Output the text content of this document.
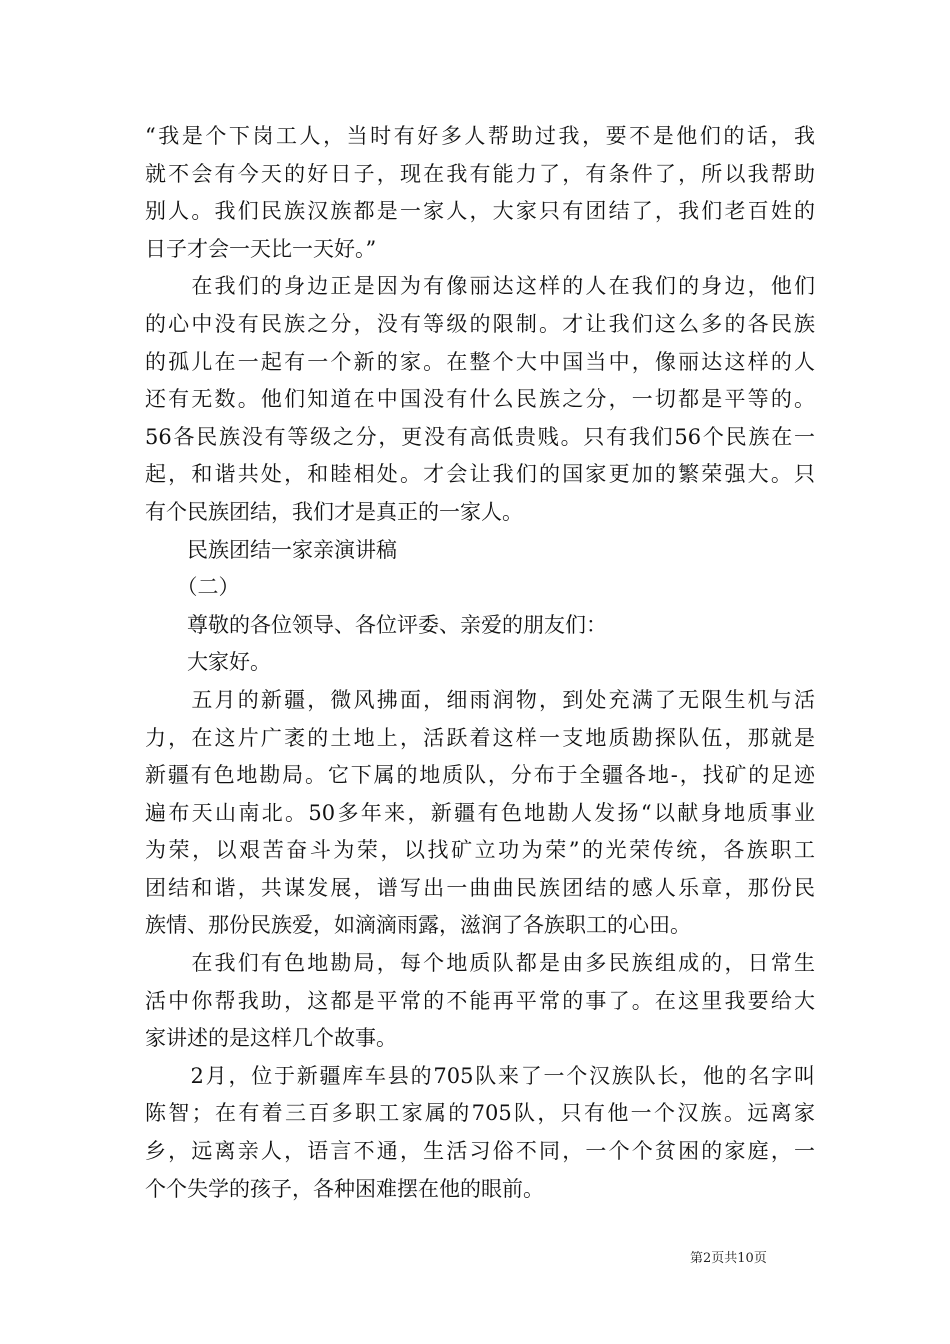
“我是个下岗工人，当时有好多人帮助过我，要不是他们的话，我
就不会有今天的好日子，现在我有能力了，有条件了，所以我帮助
别人。我们民族汉族都是一家人，大家只有团结了，我们老百姓的
日子才会一天比一天好。”
　　在我们的身边正是因为有像丽达这样的人在我们的身边，他们
的心中没有民族之分，没有等级的限制。才让我们这么多的各民族
的孤儿在一起有一个新的家。在整个大中国当中，像丽达这样的人
还有无数。他们知道在中国没有什么民族之分，一切都是平等的。
56各民族没有等级之分，更没有高低贵贱。只有我们56个民族在一
起，和谐共处，和睦相处。才会让我们的国家更加的繁荣强大。只
有个民族团结，我们才是真正的一家人。
　　民族团结一家亲演讲稿
　　（二）
　　尊敬的各位领导、各位评委、亲爱的朋友们：
　　大家好。
　　五月的新疆，微风拂面，细雨润物，到处充满了无限生机与活
力，在这片广袤的土地上，活跃着这样一支地质勘探队伍，那就是
新疆有色地勘局。它下属的地质队，分布于全疆各地-，找矿的足迹
遍布天山南北。50多年来，新疆有色地勘人发扬“以献身地质事业
为荣，以艰苦奋斗为荣，以找矿立功为荣”的光荣传统，各族职工
团结和谐，共谋发展，谱写出一曲曲民族团结的感人乐章，那份民
族情、那份民族爱，如滴滴雨露，滋润了各族职工的心田。
　　在我们有色地勘局，每个地质队都是由多民族组成的，日常生
活中你帮我助，这都是平常的不能再平常的事了。在这里我要给大
家讲述的是这样几个故事。
　　2月，位于新疆库车县的705队来了一个汉族队长，他的名字叫
陈智；在有着三百多职工家属的705队，只有他一个汉族。远离家
乡，远离亲人，语言不通，生活习俗不同，一个个贫困的家庭，一
个个失学的孩子，各种困难摆在他的眼前。
第2页共10页
